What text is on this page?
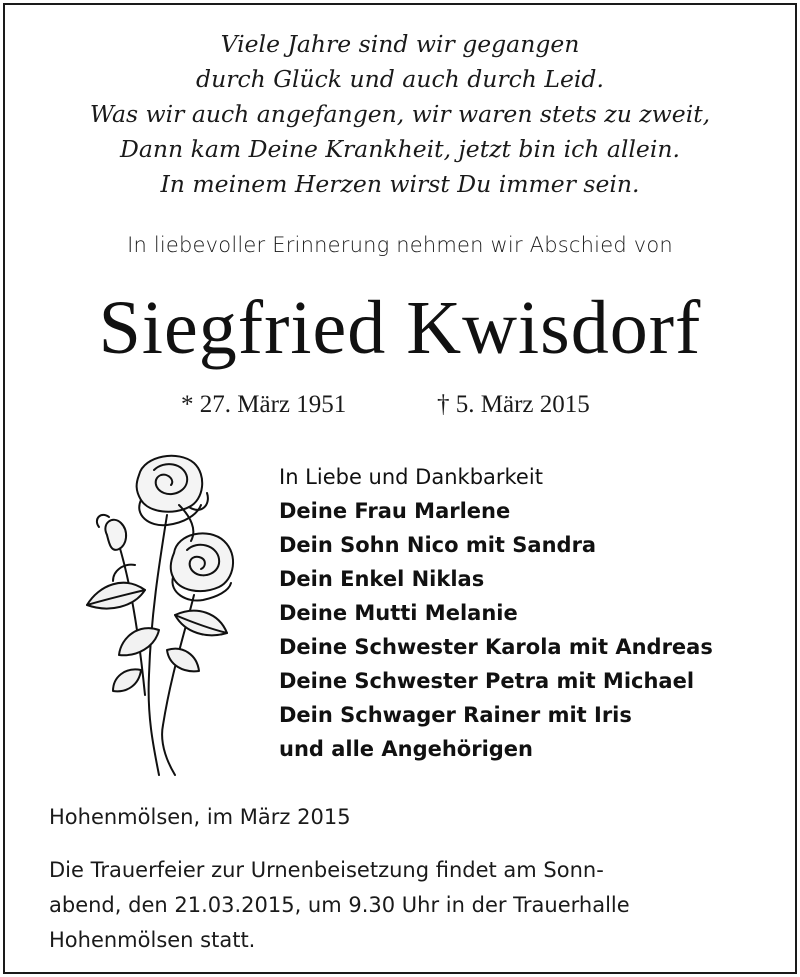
Viele Jahre sind wir gegangen
durch Glück und auch durch Leid.
Was wir auch angefangen, wir waren stets zu zweit,
Dann kam Deine Krankheit, jetzt bin ich allein.
In meinem Herzen wirst Du immer sein.
In liebevoller Erinnerung nehmen wir Abschied von
Siegfried Kwisdorf
* 27. März 1951	† 5. März 2015
In Liebe und Dankbarkeit
Deine Frau Marlene
Dein Sohn Nico mit Sandra
Dein Enkel Niklas
Deine Mutti Melanie
Deine Schwester Karola mit Andreas
Deine Schwester Petra mit Michael
Dein Schwager Rainer mit Iris
und alle Angehörigen
Hohenmölsen, im März 2015
Die Trauerfeier zur Urnenbeisetzung findet am Sonn-
abend, den 21.03.2015, um 9.30 Uhr in der Trauerhalle
Hohenmölsen statt.
